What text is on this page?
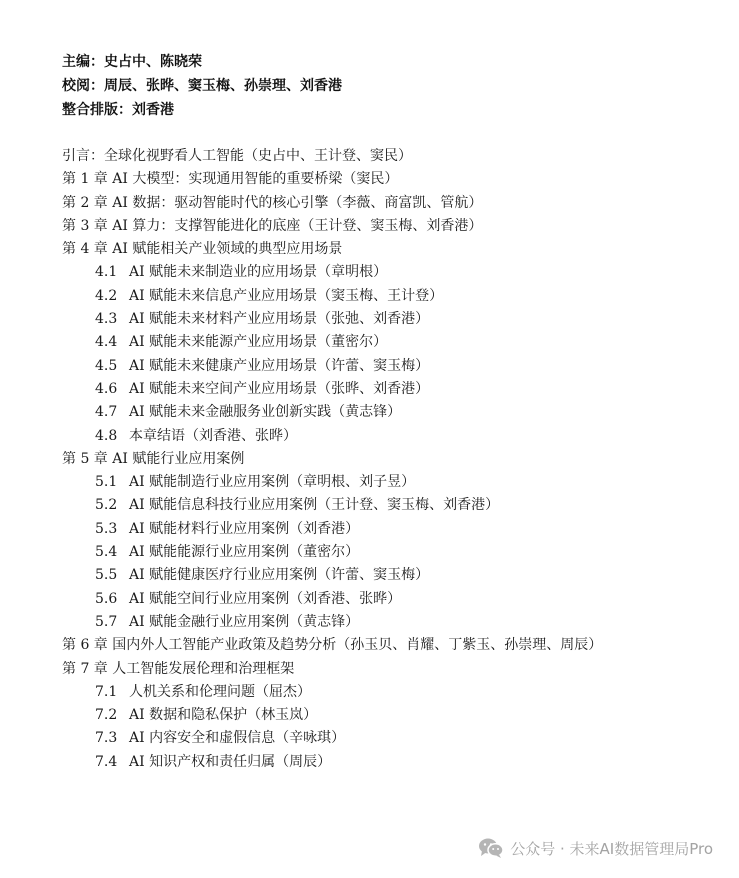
主编：史占中、陈晓荣
校阅：周辰、张晔、窦玉梅、孙崇理、刘香港
整合排版：刘香港
引言：全球化视野看人工智能（史占中、王计登、窦民）
第 1 章 AI 大模型：实现通用智能的重要桥梁（窦民）
第 2 章 AI 数据：驱动智能时代的核心引擎（李薇、商富凯、管航）
第 3 章 AI 算力：支撑智能进化的底座（王计登、窦玉梅、刘香港）
第 4 章 AI 赋能相关产业领域的典型应用场景
4.1 AI 赋能未来制造业的应用场景（章明根）
4.2 AI 赋能未来信息产业应用场景（窦玉梅、王计登）
4.3 AI 赋能未来材料产业应用场景（张弛、刘香港）
4.4 AI 赋能未来能源产业应用场景（董密尔）
4.5 AI 赋能未来健康产业应用场景（许蕾、窦玉梅）
4.6 AI 赋能未来空间产业应用场景（张晔、刘香港）
4.7 AI 赋能未来金融服务业创新实践（黄志锋）
4.8 本章结语（刘香港、张晔）
第 5 章 AI 赋能行业应用案例
5.1 AI 赋能制造行业应用案例（章明根、刘子昱）
5.2 AI 赋能信息科技行业应用案例（王计登、窦玉梅、刘香港）
5.3 AI 赋能材料行业应用案例（刘香港）
5.4 AI 赋能能源行业应用案例（董密尔）
5.5 AI 赋能健康医疗行业应用案例（许蕾、窦玉梅）
5.6 AI 赋能空间行业应用案例（刘香港、张晔）
5.7 AI 赋能金融行业应用案例（黄志锋）
第 6 章 国内外人工智能产业政策及趋势分析（孙玉贝、肖耀、丁紫玉、孙崇理、周辰）
第 7 章 人工智能发展伦理和治理框架
7.1 人机关系和伦理问题（屈杰）
7.2 AI 数据和隐私保护（林玉岚）
7.3 AI 内容安全和虚假信息（辛咏琪）
7.4 AI 知识产权和责任归属（周辰）
公众号 · 未来AI数据管理局Pro
